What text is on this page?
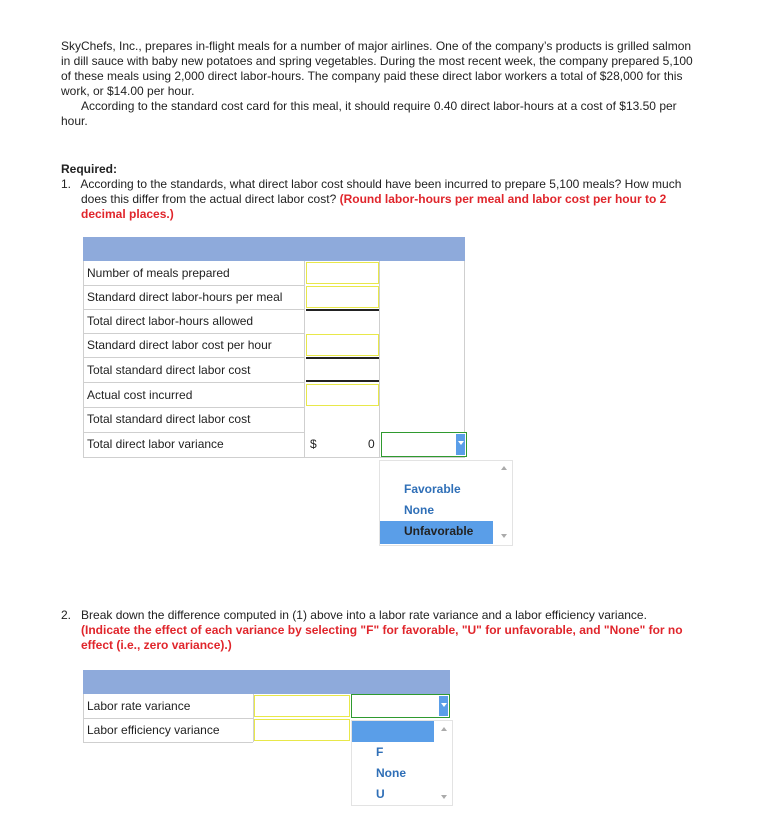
SkyChefs, Inc., prepares in-flight meals for a number of major airlines. One of the company’s products is grilled salmon in dill sauce with baby new potatoes and spring vegetables. During the most recent week, the company prepared 5,100 of these meals using 2,000 direct labor-hours. The company paid these direct labor workers a total of $28,000 for this work, or $14.00 per hour.
According to the standard cost card for this meal, it should require 0.40 direct labor-hours at a cost of $13.50 per hour.
Required:
1. According to the standards, what direct labor cost should have been incurred to prepare 5,100 meals? How much does this differ from the actual direct labor cost? (Round labor-hours per meal and labor cost per hour to 2 decimal places.)
Number of meals prepared
Standard direct labor-hours per meal
Total direct labor-hours allowed
Standard direct labor cost per hour
Total standard direct labor cost
Actual cost incurred
Total standard direct labor cost
Total direct labor variance	$	0
Favorable
None
Unfavorable
2. Break down the difference computed in (1) above into a labor rate variance and a labor efficiency variance. (Indicate the effect of each variance by selecting "F" for favorable, "U" for unfavorable, and "None" for no effect (i.e., zero variance).)
Labor rate variance
Labor efficiency variance
F
None
U
